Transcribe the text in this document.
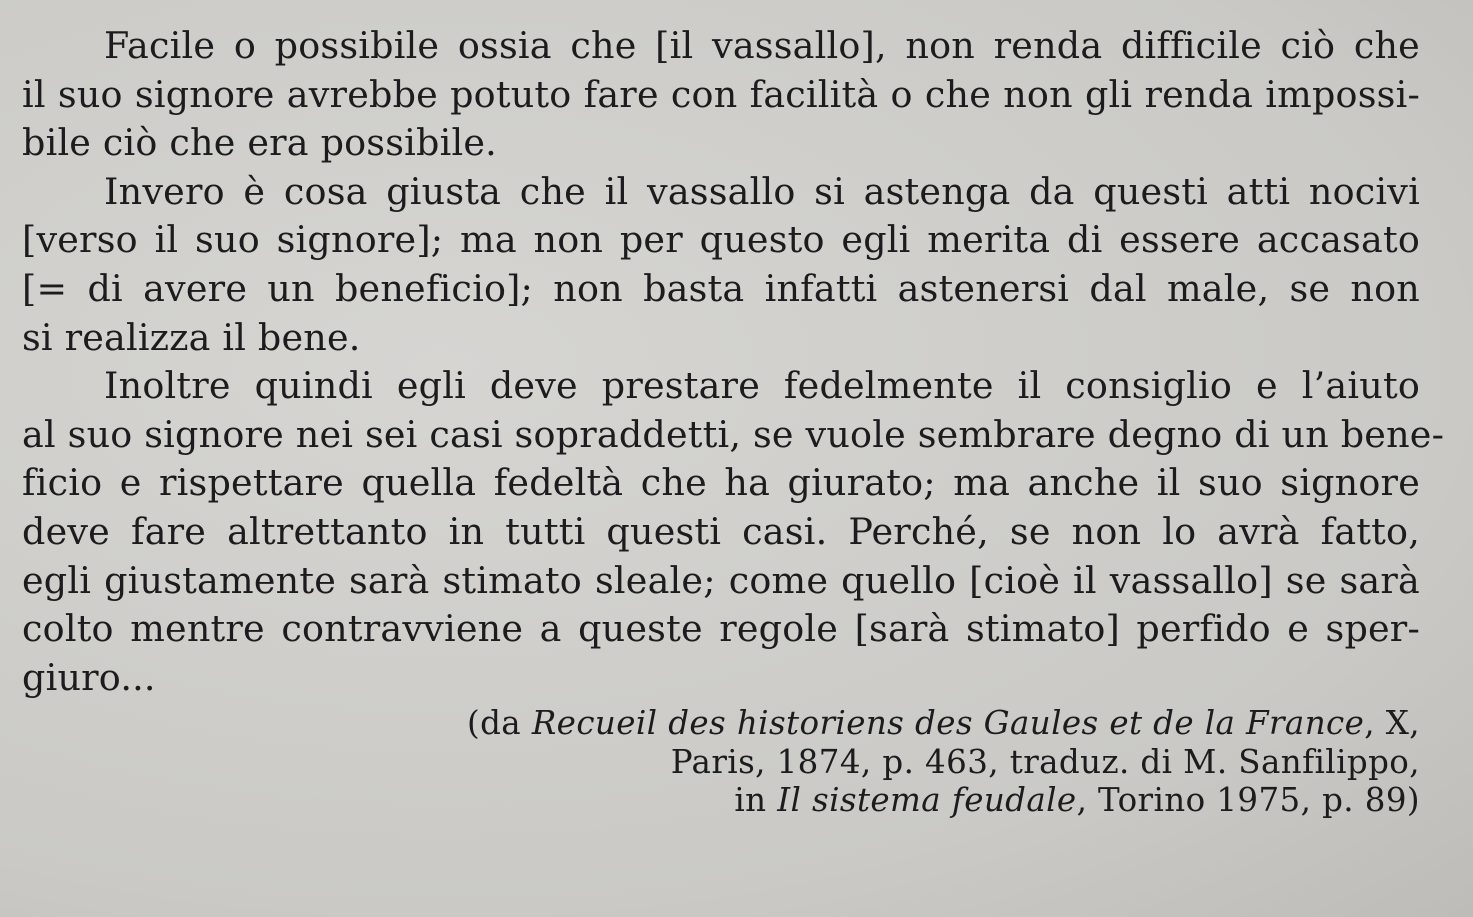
Facile o possibile ossia che [il vassallo], non renda difficile ciò che
il suo signore avrebbe potuto fare con facilità o che non gli renda impossi-
bile ciò che era possibile.
Invero è cosa giusta che il vassallo si astenga da questi atti nocivi
[verso il suo signore]; ma non per questo egli merita di essere accasato
[= di avere un beneficio]; non basta infatti astenersi dal male, se non
si realizza il bene.
Inoltre quindi egli deve prestare fedelmente il consiglio e l’aiuto
al suo signore nei sei casi sopraddetti, se vuole sembrare degno di un bene-
ficio e rispettare quella fedeltà che ha giurato; ma anche il suo signore
deve fare altrettanto in tutti questi casi. Perché, se non lo avrà fatto,
egli giustamente sarà stimato sleale; come quello [cioè il vassallo] se sarà
colto mentre contravviene a queste regole [sarà stimato] perfido e sper-
giuro...
(da Recueil des historiens des Gaules et de la France, X,
Paris, 1874, p. 463, traduz. di M. Sanfilippo,
in Il sistema feudale, Torino 1975, p. 89)
